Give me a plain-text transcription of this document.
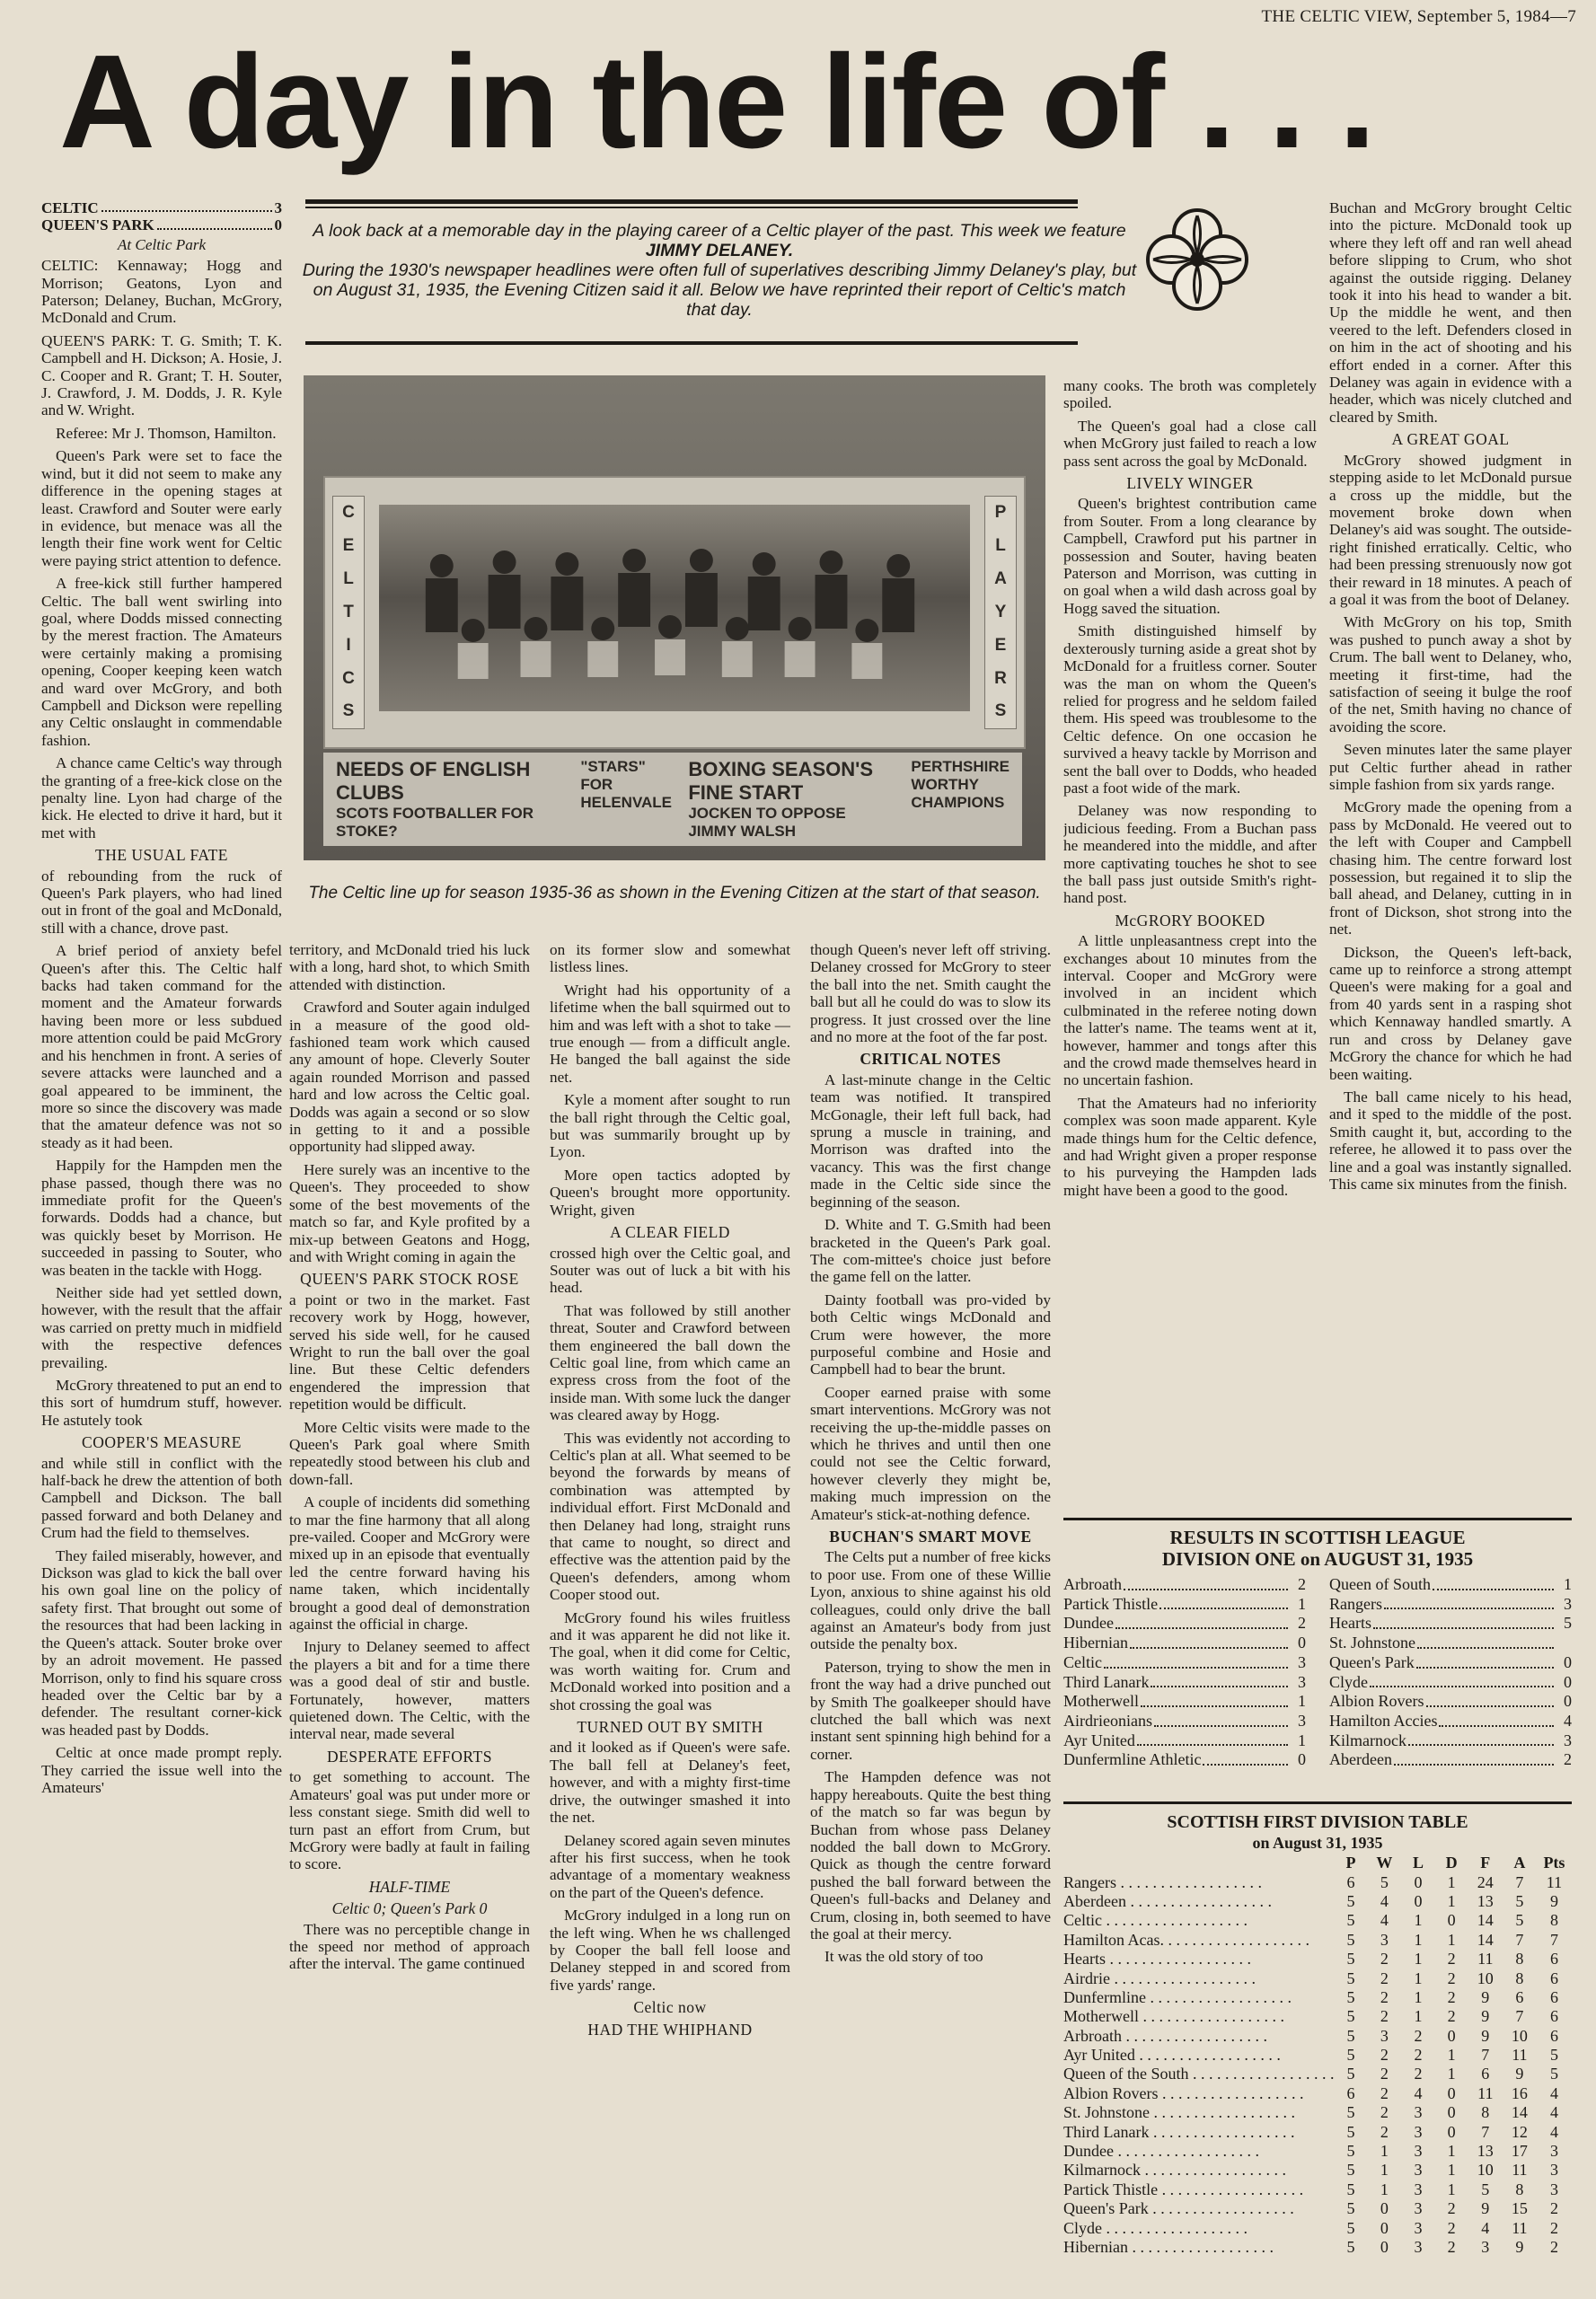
THE CELTIC VIEW, September 5, 1984—7
A day in the life of . . .
CELTIC	3
QUEEN'S PARK	0
At Celtic Park

CELTIC: Kennaway; Hogg and Morrison; Geatons, Lyon and Paterson; Delaney, Buchan, McGrory, McDonald and Crum.

QUEEN'S PARK: T. G. Smith; T. K. Campbell and H. Dickson; A. Hosie, J. C. Cooper and R. Grant; T. H. Souter, J. Crawford, J. M. Dodds, J. R. Kyle and W. Wright.

Referee: Mr J. Thomson, Hamilton.

Queen's Park were set to face the wind, but it did not seem to make any difference in the opening stages at least. Crawford and Souter were early in evidence, but menace was all the length their fine work went for Celtic were paying strict attention to defence.

A free-kick still further hampered Celtic. The ball went swirling into goal, where Dodds missed connecting by the merest fraction. The Amateurs were certainly making a promising opening, Cooper keeping keen watch and ward over McGrory, and both Campbell and Dickson were repelling any Celtic onslaught in commendable fashion.

A chance came Celtic's way through the granting of a free-kick close on the penalty line. Lyon had charge of the kick. He elected to drive it hard, but it met with

THE USUAL FATE

of rebounding from the ruck of Queen's Park players, who had lined out in front of the goal and McDonald, still with a chance, drove past.

A brief period of anxiety befel Queen's after this. The Celtic half backs had taken command for the moment and the Amateur forwards having been more or less subdued more attention could be paid McGrory and his henchmen in front. A series of severe attacks were launched and a goal appeared to be imminent, the more so since the discovery was made that the amateur defence was not so steady as it had been.

Happily for the Hampden men the phase passed, though there was no immediate profit for the Queen's forwards. Dodds had a chance, but was quickly beset by Morrison. He succeeded in passing to Souter, who was beaten in the tackle with Hogg.

Neither side had yet settled down, however, with the result that the affair was carried on pretty much in midfield with the respective defences prevailing.

McGrory threatened to put an end to this sort of humdrum stuff, however. He astutely took

COOPER'S MEASURE

and while still in conflict with the half-back he drew the attention of both Campbell and Dickson. The ball passed forward and both Delaney and Crum had the field to themselves.

They failed miserably, however, and Dickson was glad to kick the ball over his own goal line on the policy of safety first. That brought out some of the resources that had been lacking in the Queen's attack. Souter broke over by an adroit movement. He passed Morrison, only to find his square cross headed over the Celtic bar by a defender. The resultant corner-kick was headed past by Dodds.

Celtic at once made prompt reply. They carried the issue well into the Amateurs'

A look back at a memorable day in the playing career of a Celtic player of the past. This week we feature JIMMY DELANEY.

During the 1930's newspaper headlines were often full of superlatives describing Jimmy Delaney's play, but on August 31, 1935, the Evening Citizen said it all. Below we have reprinted their report of Celtic's match that day.

C
E
L
T
I
C
S
P
L
A
Y
E
R
S
NEEDS OF ENGLISH CLUBS
SCOTS FOOTBALLER FOR STOKE?
"STARS" FOR HELENVALE
BOXING SEASON'S FINE START
JOCKEN TO OPPOSE JIMMY WALSH
PERTHSHIRE WORTHY CHAMPIONS
The Celtic line up for season 1935-36 as shown in the Evening Citizen at the start of that season.

territory, and McDonald tried his luck with a long, hard shot, to which Smith attended with distinction.

Crawford and Souter again indulged in a measure of the good old-fashioned team work which caused any amount of hope. Cleverly Souter again rounded Morrison and passed hard and low across the Celtic goal. Dodds was again a second or so slow in getting to it and a possible opportunity had slipped away.

Here surely was an incentive to the Queen's. They proceeded to show some of the best movements of the match so far, and Kyle profited by a mix-up between Geatons and Hogg, and with Wright coming in again the

QUEEN'S PARK STOCK ROSE

a point or two in the market. Fast recovery work by Hogg, however, served his side well, for he caused Wright to run the ball over the goal line. But these Celtic defenders engendered the impression that repetition would be difficult.

More Celtic visits were made to the Queen's Park goal where Smith repeatedly stood between his club and down-fall.

A couple of incidents did something to mar the fine harmony that all along pre-vailed. Cooper and McGrory were mixed up in an episode that eventually led the centre forward having his name taken, which incidentally brought a good deal of demonstration against the official in charge.

Injury to Delaney seemed to affect the players a bit and for a time there was a good deal of stir and bustle. Fortunately, however, matters quietened down. The Celtic, with the interval near, made several

DESPERATE EFFORTS

to get something to account. The Amateurs' goal was put under more or less constant siege. Smith did well to turn past an effort from Crum, but McGrory were badly at fault in failing to score.

HALF-TIME
Celtic 0; Queen's Park 0

There was no perceptible change in the speed nor method of approach after the interval. The game continued

on its former slow and somewhat listless lines.

Wright had his opportunity of a lifetime when the ball squirmed out to him and was left with a shot to take — true enough — from a difficult angle. He banged the ball against the side net.

Kyle a moment after sought to run the ball right through the Celtic goal, but was summarily brought up by Lyon.

More open tactics adopted by Queen's brought more opportunity. Wright, given

A CLEAR FIELD

crossed high over the Celtic goal, and Souter was out of luck a bit with his head.

That was followed by still another threat, Souter and Crawford between them engineered the ball down the Celtic goal line, from which came an express cross from the foot of the inside man. With some luck the danger was cleared away by Hogg.

This was evidently not according to Celtic's plan at all. What seemed to be beyond the forwards by means of combination was attempted by individual effort. First McDonald and then Delaney had long, straight runs that came to nought, so direct and effective was the attention paid by the Queen's defenders, among whom Cooper stood out.

McGrory found his wiles fruitless and it was apparent he did not like it. The goal, when it did come for Celtic, was worth waiting for. Crum and McDonald worked into position and a shot crossing the goal was

TURNED OUT BY SMITH

and it looked as if Queen's were safe. The ball fell at Delaney's feet, however, and with a mighty first-time drive, the outwinger smashed it into the net.

Delaney scored again seven minutes after his first success, when he took advantage of a momentary weakness on the part of the Queen's defence.

McGrory indulged in a long run on the left wing. When he ws challenged by Cooper the ball fell loose and Delaney stepped in and scored from five yards' range.

Celtic now
HAD THE WHIPHAND

though Queen's never left off striving. Delaney crossed for McGrory to steer the ball into the net. Smith caught the ball but all he could do was to slow its progress. It just crossed over the line and no more at the foot of the far post.

CRITICAL NOTES

A last-minute change in the Celtic team was notified. It transpired McGonagle, their left full back, had sprung a muscle in training, and Morrison was drafted into the vacancy. This was the first change made in the Celtic side since the beginning of the season.

D. White and T. G.Smith had been bracketed in the Queen's Park goal. The com-mittee's choice just before the game fell on the latter.

Dainty football was pro-vided by both Celtic wings McDonald and Crum were however, the more purposeful combine and Hosie and Campbell had to bear the brunt.

Cooper earned praise with some smart interventions. McGrory was not receiving the up-the-middle passes on which he thrives and until then one could not see the Celtic forward, however cleverly they might be, making much impression on the Amateur's stick-at-nothing defence.

BUCHAN'S SMART MOVE

The Celts put a number of free kicks to poor use. From one of these Willie Lyon, anxious to shine against his old colleagues, could only drive the ball against an Amateur's body from just outside the penalty box.

Paterson, trying to show the men in front the way had a drive punched out by Smith The goalkeeper should have clutched the ball which was next instant sent spinning high behind for a corner.

The Hampden defence was not happy hereabouts. Quite the best thing of the match so far was begun by Buchan from whose pass Delaney nodded the ball down to McGrory. Quick as though the centre forward pushed the ball forward between the Queen's full-backs and Delaney and Crum, closing in, both seemed to have the goal at their mercy.

It was the old story of too

many cooks. The broth was completely spoiled.

The Queen's goal had a close call when McGrory just failed to reach a low pass sent across the goal by McDonald.

LIVELY WINGER

Queen's brightest contribution came from Souter. From a long clearance by Campbell, Crawford put his partner in possession and Souter, having beaten Paterson and Morrison, was cutting in on goal when a wild dash across goal by Hogg saved the situation.

Smith distinguished himself by dexterously turning aside a great shot by McDonald for a fruitless corner. Souter was the man on whom the Queen's relied for progress and he seldom failed them. His speed was troublesome to the Celtic defence. On one occasion he survived a heavy tackle by Morrison and sent the ball over to Dodds, who headed past a foot wide of the mark.

Delaney was now responding to judicious feeding. From a Buchan pass he meandered into the middle, and after more captivating touches he shot to see the ball pass just outside Smith's right-hand post.

McGRORY BOOKED

A little unpleasantness crept into the exchanges about 10 minutes from the interval. Cooper and McGrory were involved in an incident which culbminated in the referee noting down the latter's name. The teams went at it, however, hammer and tongs after this and the crowd made themselves heard in no uncertain fashion.

That the Amateurs had no inferiority complex was soon made apparent. Kyle made things hum for the Celtic defence, and had Wright given a proper response to his purveying the Hampden lads might have been a good to the good.

Buchan and McGrory brought Celtic into the picture. McDonald took up where they left off and ran well ahead before slipping to Crum, who shot against the outside rigging. Delaney took it into his head to wander a bit. Up the middle he went, and then veered to the left. Defenders closed in on him in the act of shooting and his effort ended in a corner. After this Delaney was again in evidence with a header, which was nicely clutched and cleared by Smith.

A GREAT GOAL

McGrory showed judgment in stepping aside to let McDonald pursue a cross up the middle, but the movement broke down when Delaney's aid was sought. The outside-right finished erratically. Celtic, who had been pressing strenuously now got their reward in 18 minutes. A peach of a goal it was from the boot of Delaney.

With McGrory on his top, Smith was pushed to punch away a shot by Crum. The ball went to Delaney, who, meeting it first-time, had the satisfaction of seeing it bulge the roof of the net, Smith having no chance of avoiding the score.

Seven minutes later the same player put Celtic further ahead in rather simple fashion from six yards range.

McGrory made the opening from a pass by McDonald. He veered out to the left with Couper and Campbell chasing him. The centre forward lost possession, but regained it to slip the ball ahead, and Delaney, cutting in in front of Dickson, shot strong into the net.

Dickson, the Queen's left-back, came up to reinforce a strong attempt Queen's were making for a goal and from 40 yards sent in a rasping shot which Kennaway handled smartly. A run and cross by Delaney gave McGrory the chance for which he had been waiting.

The ball came nicely to his head, and it sped to the middle of the post. Smith caught it, but, according to the referee, he allowed it to pass over the line and a goal was instantly signalled. This came six minutes from the finish.

RESULTS IN SCOTTISH LEAGUE
DIVISION ONE on AUGUST 31, 1935
Arbroath	2 Queen of South	1
Partick Thistle	1 Rangers	3
Dundee	2 Hearts	5
Hibernian	0 St. Johnstone
Celtic	3 Queen's Park	0
Third Lanark	3 Clyde	0
Motherwell	1 Albion Rovers	0
Airdrieonians	3 Hamilton Accies	4
Ayr United	1 Kilmarnock	3
Dunfermline Athletic	0 Aberdeen	2
SCOTTISH FIRST DIVISION TABLE
on August 31, 1935
	P	W	L	D	F	A	Pts
Rangers . . . . . . . . . . . . . . . . . .	6	5	0	1	24	7	11
Aberdeen . . . . . . . . . . . . . . . . . .	5	4	0	1	13	5	9
Celtic . . . . . . . . . . . . . . . . . .	5	4	1	0	14	5	8
Hamilton Acas. . . . . . . . . . . . . . . . . . .	5	3	1	1	14	7	7
Hearts . . . . . . . . . . . . . . . . . .	5	2	1	2	11	8	6
Airdrie . . . . . . . . . . . . . . . . . .	5	2	1	2	10	8	6
Dunfermline . . . . . . . . . . . . . . . . . .	5	2	1	2	9	6	6
Motherwell . . . . . . . . . . . . . . . . . .	5	2	1	2	9	7	6
Arbroath . . . . . . . . . . . . . . . . . .	5	3	2	0	9	10	6
Ayr United . . . . . . . . . . . . . . . . . .	5	2	2	1	7	11	5
Queen of the South . . . . . . . . . . . . . . . . . .	5	2	2	1	6	9	5
Albion Rovers . . . . . . . . . . . . . . . . . .	6	2	4	0	11	16	4
St. Johnstone . . . . . . . . . . . . . . . . . .	5	2	3	0	8	14	4
Third Lanark . . . . . . . . . . . . . . . . . .	5	2	3	0	7	12	4
Dundee . . . . . . . . . . . . . . . . . .	5	1	3	1	13	17	3
Kilmarnock . . . . . . . . . . . . . . . . . .	5	1	3	1	10	11	3
Partick Thistle . . . . . . . . . . . . . . . . . .	5	1	3	1	5	8	3
Queen's Park . . . . . . . . . . . . . . . . . .	5	0	3	2	9	15	2
Clyde . . . . . . . . . . . . . . . . . .	5	0	3	2	4	11	2
Hibernian . . . . . . . . . . . . . . . . . .	5	0	3	2	3	9	2
